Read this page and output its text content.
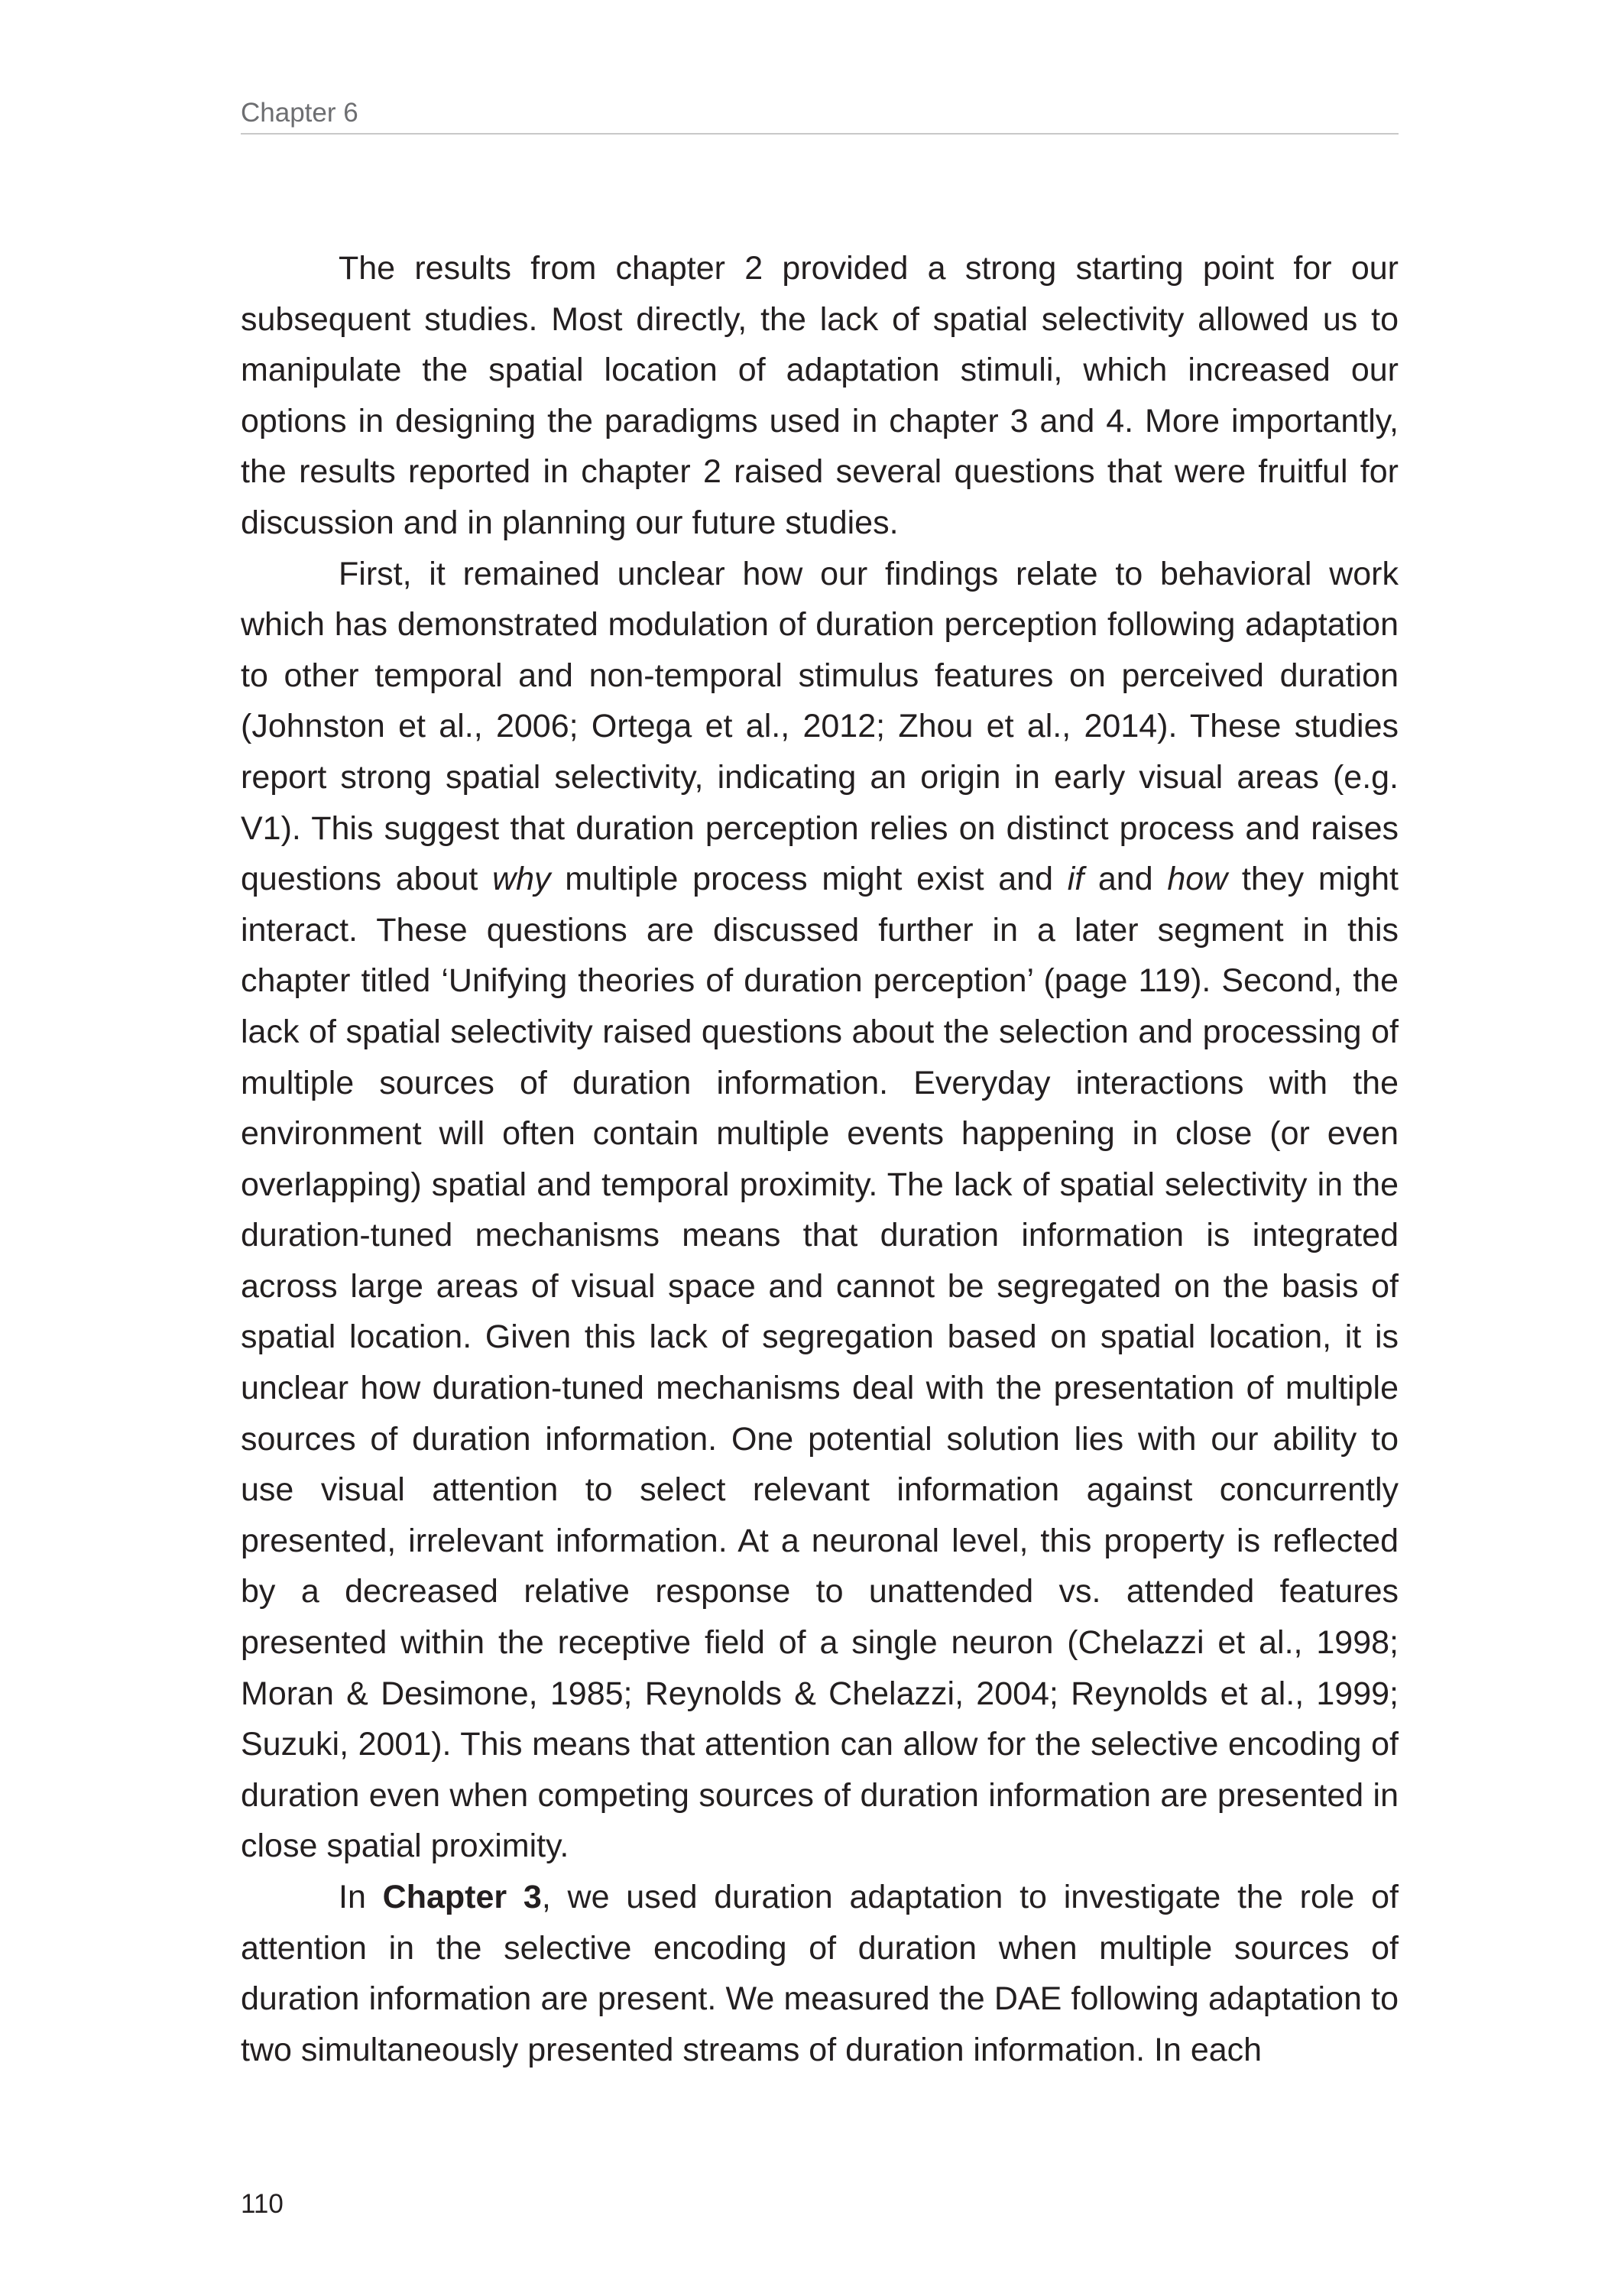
Chapter 6

The results from chapter 2 provided a strong starting point for our subsequent studies. Most directly, the lack of spatial selectivity allowed us to manipulate the spatial location of adaptation stimuli, which increased our options in designing the paradigms used in chapter 3 and 4. More importantly, the results reported in chapter 2 raised several questions that were fruitful for discussion and in planning our future studies.

First, it remained unclear how our findings relate to behavioral work which has demonstrated modulation of duration perception following adaptation to other temporal and non-temporal stimulus features on perceived duration (Johnston et al., 2006; Ortega et al., 2012; Zhou et al., 2014). These studies report strong spatial selectivity, indicating an origin in early visual areas (e.g. V1). This suggest that duration perception relies on distinct process and raises questions about why multiple process might exist and if and how they might interact. These questions are discussed further in a later segment in this chapter titled ‘Unifying theories of duration perception’ (page 119). Second, the lack of spatial selectivity raised questions about the selection and processing of multiple sources of duration information. Everyday interactions with the environment will often contain multiple events happening in close (or even overlapping) spatial and temporal proximity. The lack of spatial selectivity in the duration-tuned mechanisms means that duration information is integrated across large areas of visual space and cannot be segregated on the basis of spatial location. Given this lack of segregation based on spatial location, it is unclear how duration-tuned mechanisms deal with the presentation of multiple sources of duration information. One potential solution lies with our ability to use visual attention to select relevant information against concurrently presented, irrelevant information. At a neuronal level, this property is reflected by a decreased relative response to unattended vs. attended features presented within the receptive field of a single neuron (Chelazzi et al., 1998; Moran & Desimone, 1985; Reynolds & Chelazzi, 2004; Reynolds et al., 1999; Suzuki, 2001). This means that attention can allow for the selective encoding of duration even when competing sources of duration information are presented in close spatial proximity.

In Chapter 3, we used duration adaptation to investigate the role of attention in the selective encoding of duration when multiple sources of duration information are present. We measured the DAE following adaptation to two simultaneously presented streams of duration information. In each

110
